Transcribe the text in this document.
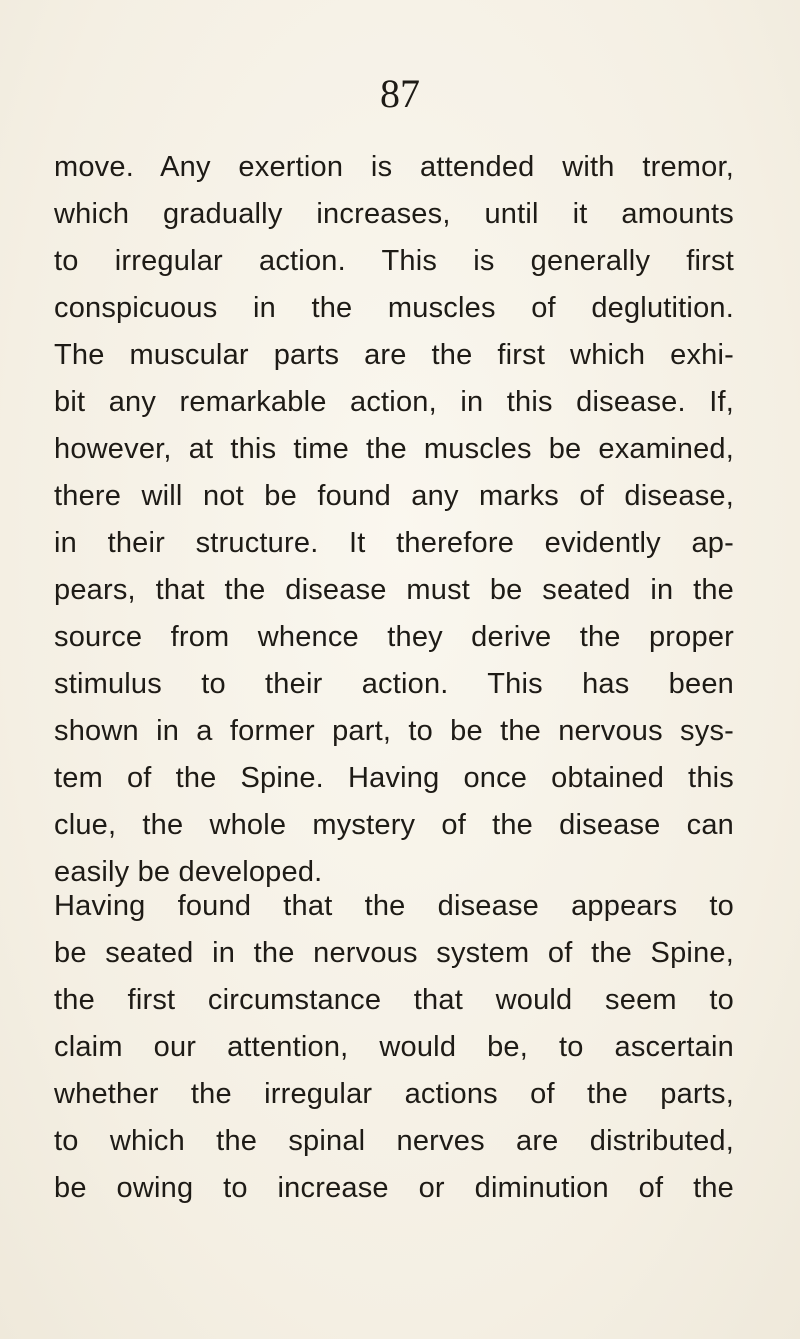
87
move. Any exertion is attended with tremor,
which gradually increases, until it amounts
to irregular action. This is generally first
conspicuous in the muscles of deglutition.
The muscular parts are the first which exhi-
bit any remarkable action, in this disease. If,
however, at this time the muscles be examined,
there will not be found any marks of disease,
in their structure. It therefore evidently ap-
pears, that the disease must be seated in the
source from whence they derive the proper
stimulus to their action. This has been
shown in a former part, to be the nervous sys-
tem of the Spine. Having once obtained this
clue, the whole mystery of the disease can
easily be developed.
Having found that the disease appears to
be seated in the nervous system of the Spine,
the first circumstance that would seem to
claim our attention, would be, to ascertain
whether the irregular actions of the parts,
to which the spinal nerves are distributed,
be owing to increase or diminution of the
